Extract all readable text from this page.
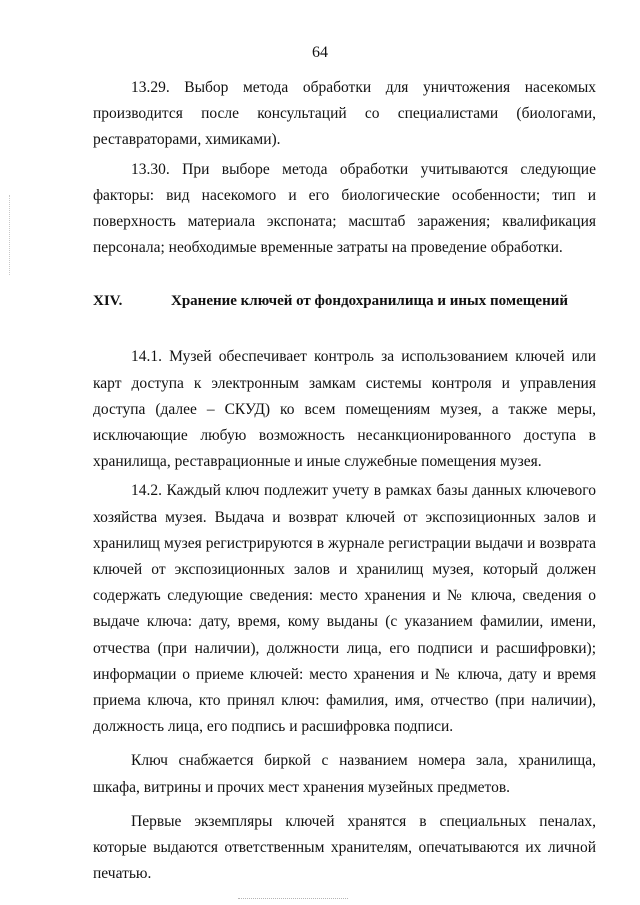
64

13.29. Выбор метода обработки для уничтожения насекомых производится после консультаций со специалистами (биологами, реставраторами, химиками).

13.30. При выборе метода обработки учитываются следующие факторы: вид насекомого и его биологические особенности; тип и поверхность материала экспоната; масштаб заражения; квалификация персонала; необходимые временные затраты на проведение обработки.

XIV.	Хранение ключей от фондохранилища и иных помещений

14.1. Музей обеспечивает контроль за использованием ключей или карт доступа к электронным замкам системы контроля и управления доступа (далее – СКУД) ко всем помещениям музея, а также меры, исключающие любую возможность несанкционированного доступа в хранилища, реставрационные и иные служебные помещения музея.

14.2. Каждый ключ подлежит учету в рамках базы данных ключевого хозяйства музея. Выдача и возврат ключей от экспозиционных залов и хранилищ музея регистрируются в журнале регистрации выдачи и возврата ключей от экспозиционных залов и хранилищ музея, который должен содержать следующие сведения: место хранения и № ключа, сведения о выдаче ключа: дату, время, кому выданы (с указанием фамилии, имени, отчества (при наличии), должности лица, его подписи и расшифровки); информации о приеме ключей: место хранения и № ключа, дату и время приема ключа, кто принял ключ: фамилия, имя, отчество (при наличии), должность лица, его подпись и расшифровка подписи.

Ключ снабжается биркой с названием номера зала, хранилища, шкафа, витрины и прочих мест хранения музейных предметов.

Первые экземпляры ключей хранятся в специальных пеналах, которые выдаются ответственным хранителям, опечатываются их личной печатью.
